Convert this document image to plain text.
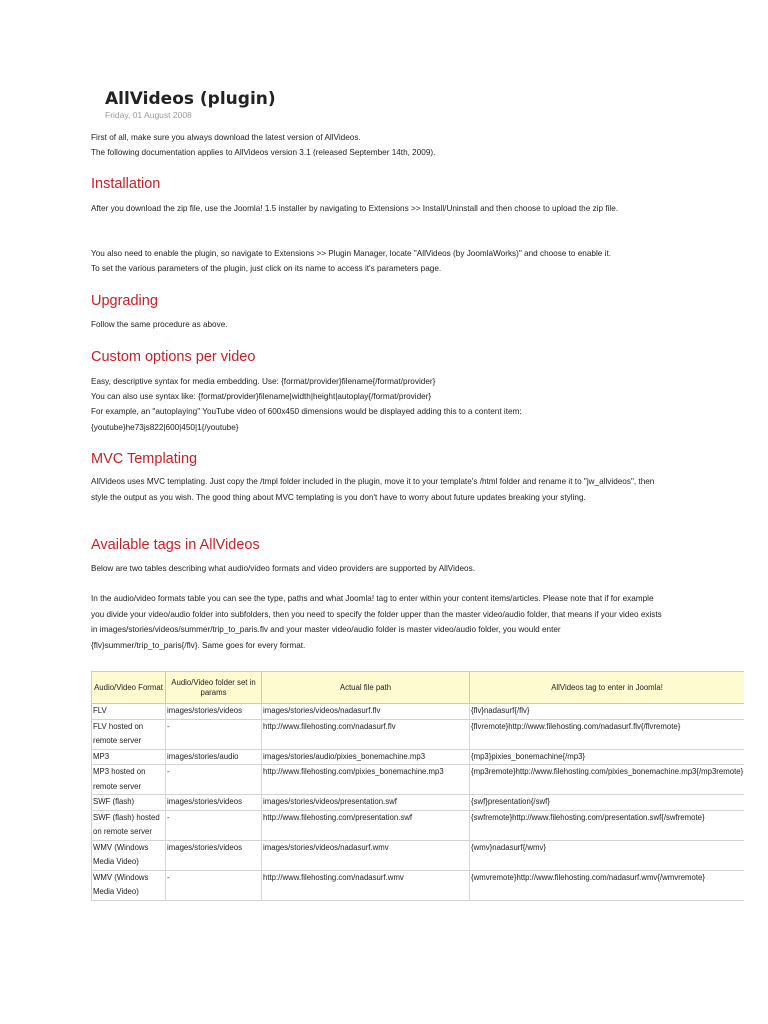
AllVideos (plugin)
Friday, 01 August 2008

First of all, make sure you always download the latest version of AllVideos.

The following documentation applies to AllVideos version 3.1 (released September 14th, 2009).

Installation

After you download the zip file, use the Joomla! 1.5 installer by navigating to Extensions >> Install/Uninstall and then choose to upload the zip file.

You also need to enable the plugin, so navigate to Extensions >> Plugin Manager, locate "AllVideos (by JoomlaWorks)" and choose to enable it.

To set the various parameters of the plugin, just click on its name to access it's parameters page.

Upgrading

Follow the same procedure as above.

Custom options per video

Easy, descriptive syntax for media embedding. Use: {format/provider}filename{/format/provider}

You can also use syntax like: {format/provider}filename|width|height|autoplay{/format/provider}

For example, an "autoplaying" YouTube video of 600x450 dimensions would be displayed adding this to a content item: {youtube}he73js822|600|450|1{/youtube}

MVC Templating

AllVideos uses MVC templating. Just copy the /tmpl folder included in the plugin, move it to your template's /html folder and rename it to "jw_allvideos", then style the output as you wish. The good thing about MVC templating is you don't have to worry about future updates breaking your styling.

Available tags in AllVideos

Below are two tables describing what audio/video formats and video providers are supported by AllVideos.

In the audio/video formats table you can see the type, paths and what Joomla! tag to enter within your content items/articles. Please note that if for example you divide your video/audio folder into subfolders, then you need to specify the folder upper than the master video/audio folder, that means if your video exists in images/stories/videos/summer/trip_to_paris.flv and your master video/audio folder is master video/audio folder, you would enter {flv}summer/trip_to_paris{/flv}. Same goes for every format.

Audio/Video Format	Audio/Video folder set in params	Actual file path	AllVideos tag to enter in Joomla!
FLV	images/stories/videos	images/stories/videos/nadasurf.flv	{flv}nadasurf{/flv}
FLV hosted on remote server	-	http://www.filehosting.com/nadasurf.flv	{flvremote}http://www.filehosting.com/nadasurf.flv{/flvremote}
MP3	images/stories/audio	images/stories/audio/pixies_bonemachine.mp3	{mp3}pixies_bonemachine{/mp3}
MP3 hosted on remote server	-	http://www.filehosting.com/pixies_bonemachine.mp3	{mp3remote}http://www.filehosting.com/pixies_bonemachine.mp3{/mp3remote}
SWF (flash)	images/stories/videos	images/stories/videos/presentation.swf	{swf}presentation{/swf}
SWF (flash) hosted on remote server	-	http://www.filehosting.com/presentation.swf	{swfremote}http://www.filehosting.com/presentation.swf{/swfremote}
WMV (Windows Media Video)	images/stories/videos	images/stories/videos/nadasurf.wmv	{wmv}nadasurf{/wmv}
WMV (Windows Media Video)	-	http://www.filehosting.com/nadasurf.wmv	{wmvremote}http://www.filehosting.com/nadasurf.wmv{/wmvremote}
